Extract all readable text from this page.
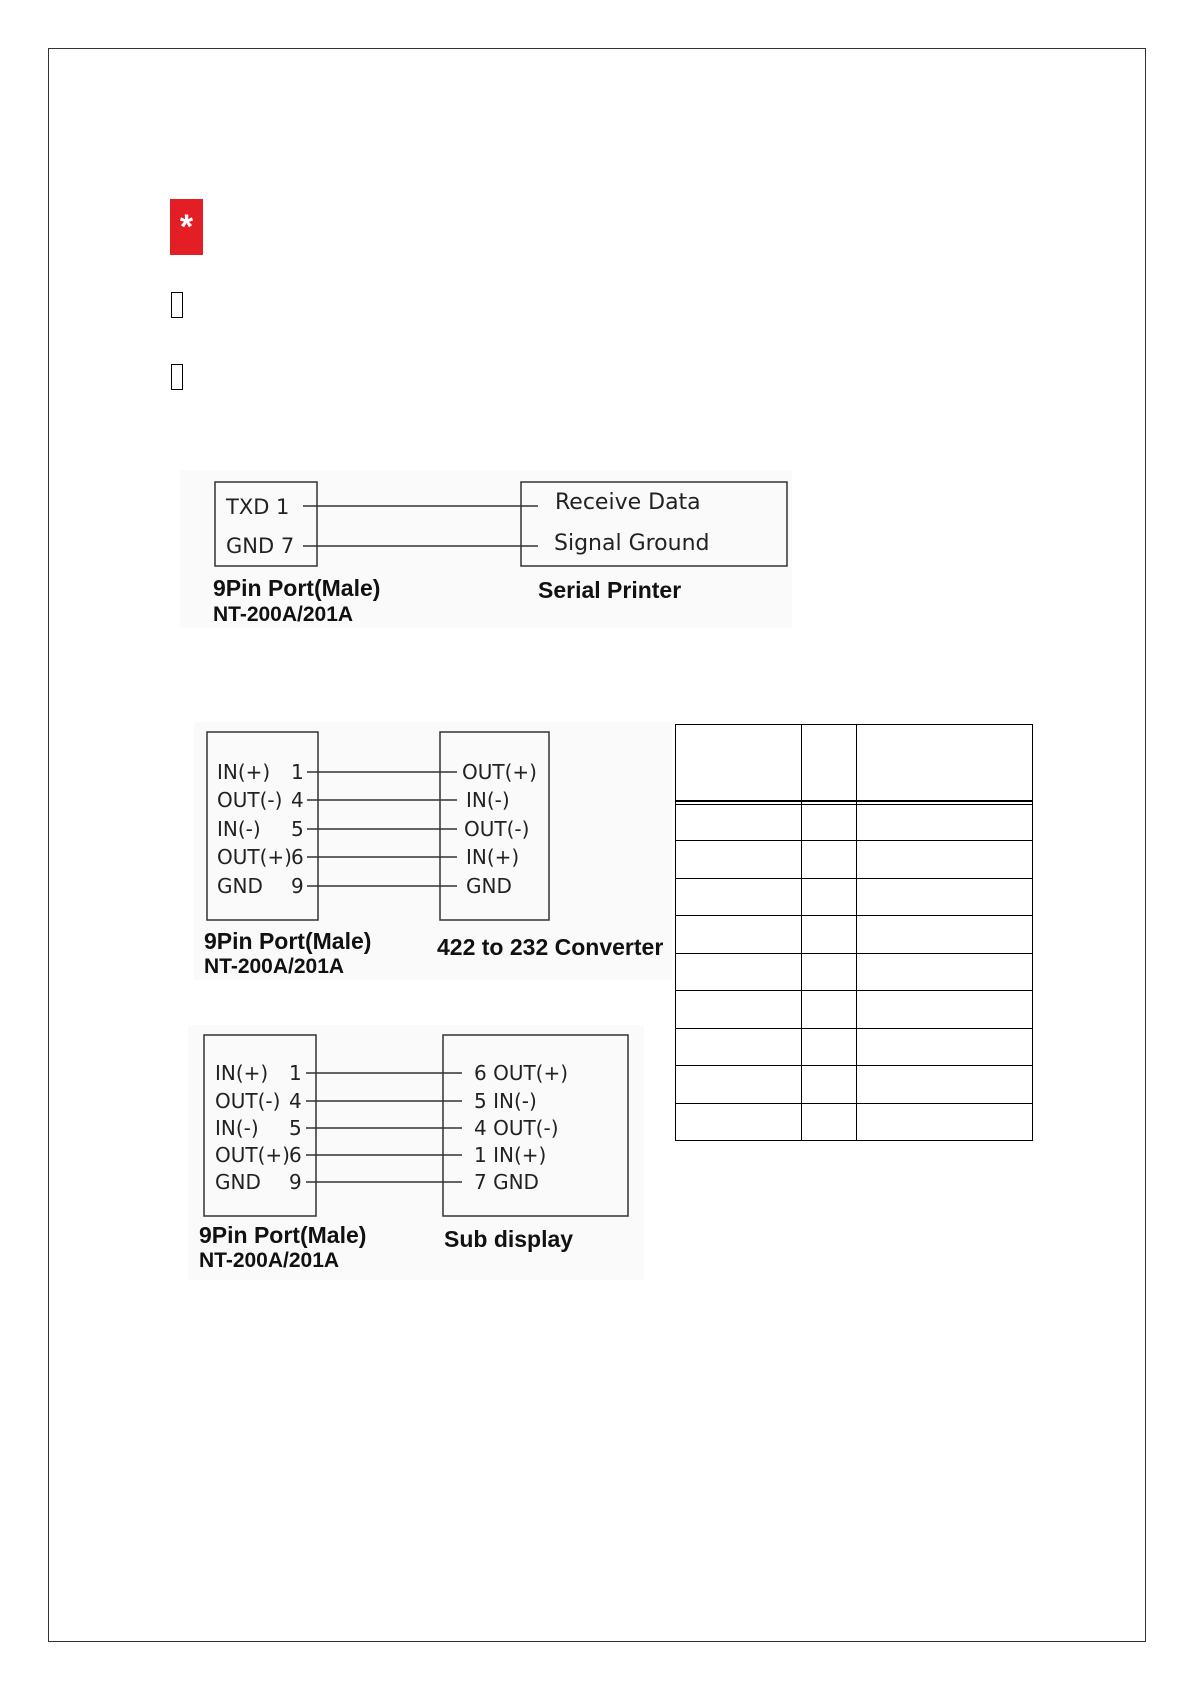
*
TXD 1
GND 7
Receive Data
Signal Ground
9Pin Port(Male)
NT-200A/201A
Serial Printer
IN(+)
OUT(-)
IN(-)
OUT(+)
GND
1
4
5
6
9
OUT(+)
IN(-)
OUT(-)
IN(+)
GND
9Pin Port(Male)
NT-200A/201A
422 to 232 Converter
IN(+)
OUT(-)
IN(-)
OUT(+)
GND
1
4
5
6
9
6 OUT(+)
5 IN(-)
4 OUT(-)
1 IN(+)
7 GND
9Pin Port(Male)
NT-200A/201A
Sub display
